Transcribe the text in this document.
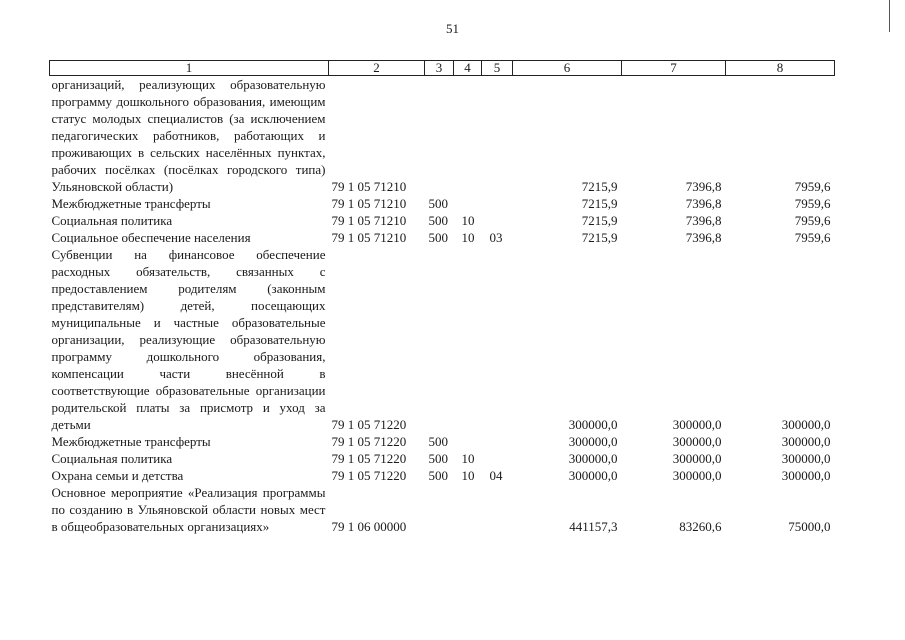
51
1	2	3	4	5	6	7	8
организаций, реализующих образовательную программу дошкольного образования, имеющим статус молодых специалистов (за исключением педагогических работников, работающих и проживающих в сельских населённых пунктах, рабочих посёлках (посёлках городского типа) Ульяновской области)	79 1 05 71210				7215,9	7396,8	7959,6
Межбюджетные трансферты	79 1 05 71210	500			7215,9	7396,8	7959,6
Социальная политика	79 1 05 71210	500	10		7215,9	7396,8	7959,6
Социальное обеспечение населения	79 1 05 71210	500	10	03	7215,9	7396,8	7959,6
Субвенции на финансовое обеспечение расходных обязательств, связанных с предоставлением родителям (законным представителям) детей, посещающих муниципальные и частные образовательные организации, реализующие образовательную программу дошкольного образования, компенсации части внесённой в соответствующие образовательные организации родительской платы за присмотр и уход за детьми	79 1 05 71220				300000,0	300000,0	300000,0
Межбюджетные трансферты	79 1 05 71220	500			300000,0	300000,0	300000,0
Социальная политика	79 1 05 71220	500	10		300000,0	300000,0	300000,0
Охрана семьи и детства	79 1 05 71220	500	10	04	300000,0	300000,0	300000,0
Основное мероприятие «Реализация программы по созданию в Ульяновской области новых мест в общеобразовательных организациях»	79 1 06 00000				441157,3	83260,6	75000,0
